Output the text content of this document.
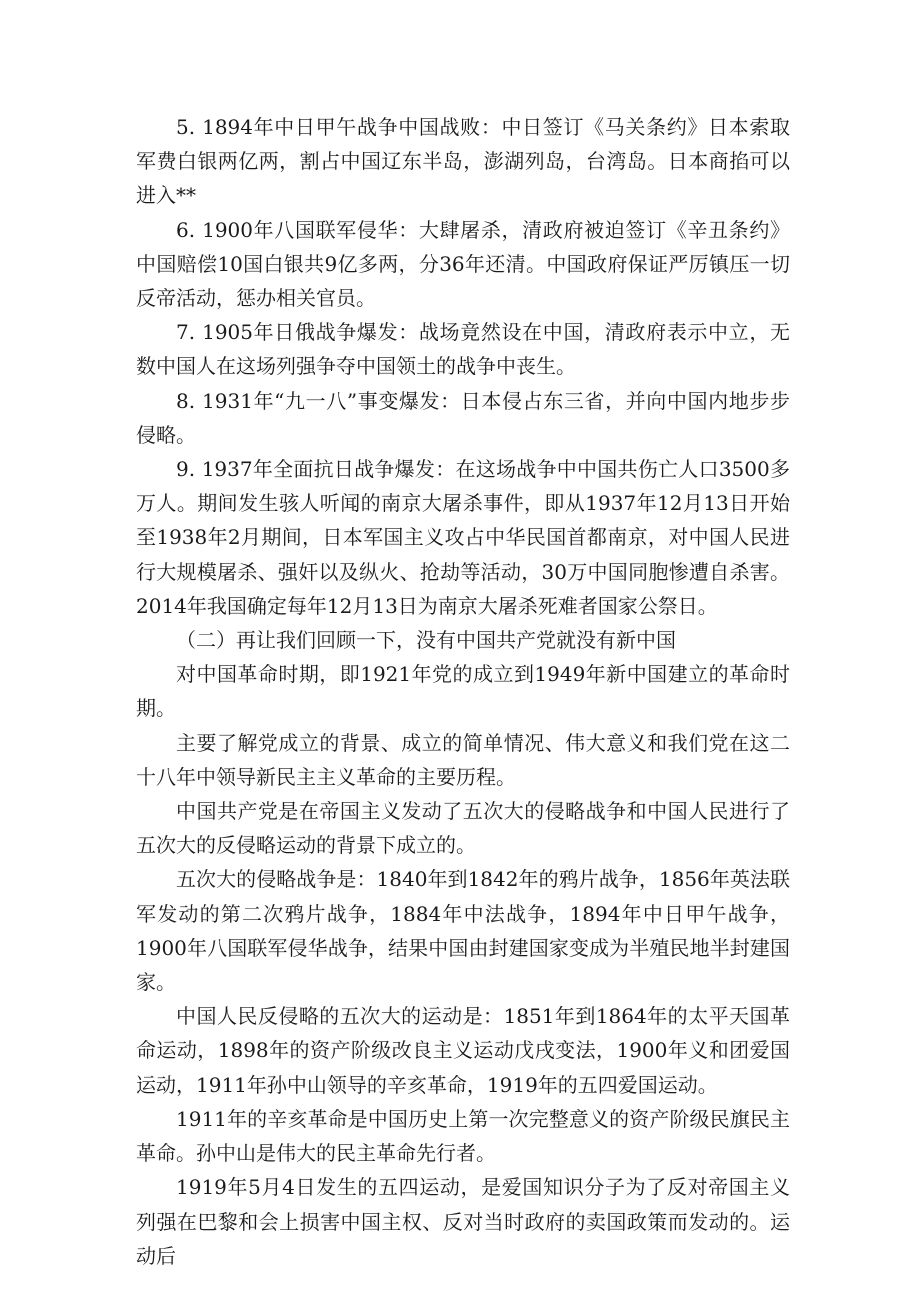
5. 1894年中日甲午战争中国战败：中日签订《马关条约》日本索取军费白银两亿两，割占中国辽东半岛，澎湖列岛，台湾岛。日本商掐可以进入**

6. 1900年八国联军侵华：大肆屠杀，清政府被迫签订《辛丑条约》中国赔偿10国白银共9亿多两，分36年还清。中国政府保证严厉镇压一切反帝活动，惩办相关官员。

7. 1905年日俄战争爆发：战场竟然设在中国，清政府表示中立，无数中国人在这场列强争夺中国领土的战争中丧生。

8. 1931年“九一八”事变爆发：日本侵占东三省，并向中国内地步步侵略。

9. 1937年全面抗日战争爆发：在这场战争中中国共伤亡人口3500多万人。期间发生骇人听闻的南京大屠杀事件，即从1937年12月13日开始至1938年2月期间，日本军国主义攻占中华民国首都南京，对中国人民进行大规模屠杀、强奸以及纵火、抢劫等活动，30万中国同胞惨遭自杀害。2014年我国确定每年12月13日为南京大屠杀死难者国家公祭日。

（二）再让我们回顾一下，没有中国共产党就没有新中国

对中国革命时期，即1921年党的成立到1949年新中国建立的革命时期。

主要了解党成立的背景、成立的简单情况、伟大意义和我们党在这二十八年中领导新民主主义革命的主要历程。

中国共产党是在帝国主义发动了五次大的侵略战争和中国人民进行了五次大的反侵略运动的背景下成立的。

五次大的侵略战争是：1840年到1842年的鸦片战争，1856年英法联军发动的第二次鸦片战争，1884年中法战争，1894年中日甲午战争，1900年八国联军侵华战争，结果中国由封建国家变成为半殖民地半封建国家。

中国人民反侵略的五次大的运动是：1851年到1864年的太平天国革命运动，1898年的资产阶级改良主义运动戊戌变法，1900年义和团爱国运动，1911年孙中山领导的辛亥革命，1919年的五四爱国运动。

1911年的辛亥革命是中国历史上第一次完整意义的资产阶级民旗民主革命。孙中山是伟大的民主革命先行者。

1919年5月4日发生的五四运动，是爱国知识分子为了反对帝国主义列强在巴黎和会上损害中国主权、反对当时政府的卖国政策而发动的。运动后
